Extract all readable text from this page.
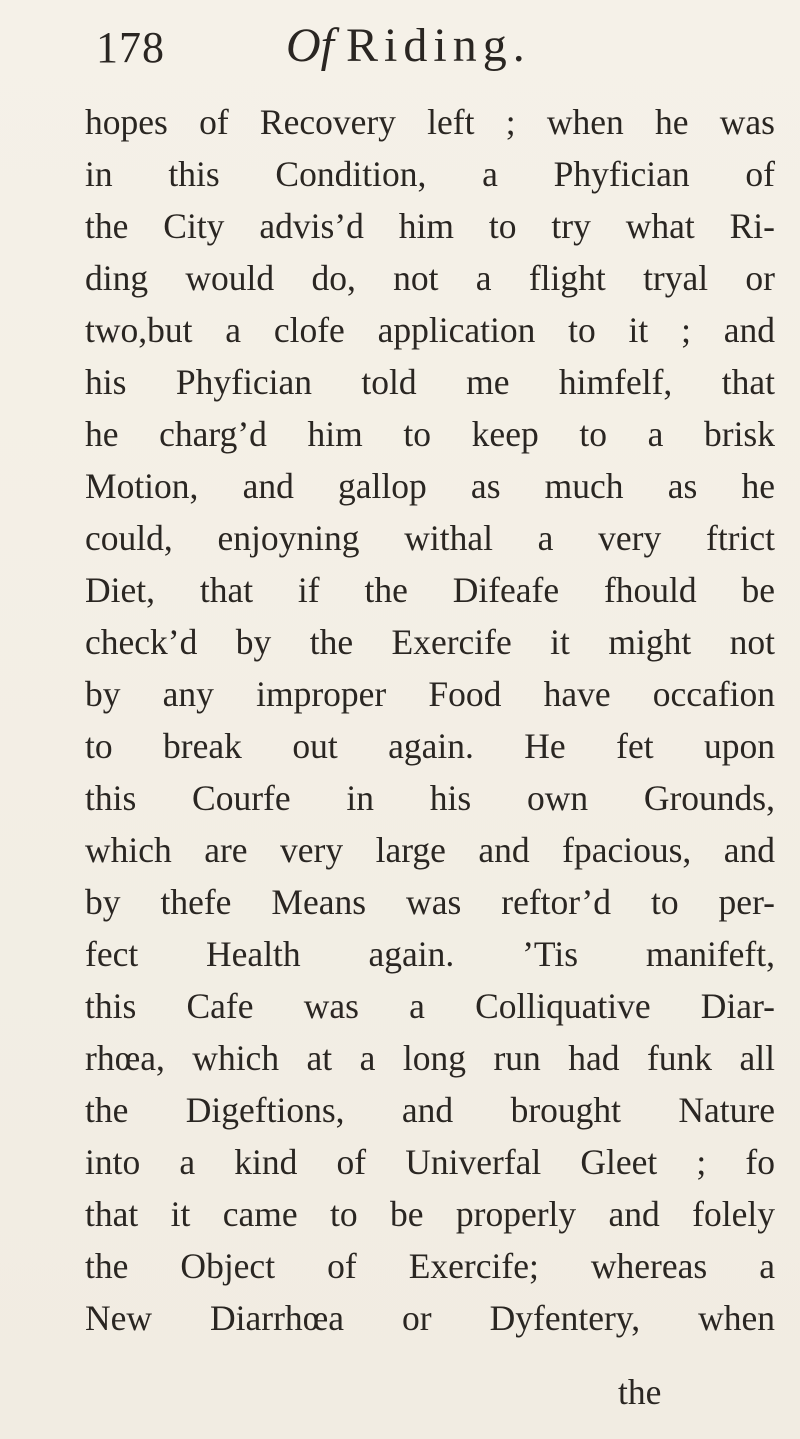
178	Of Riding.
hopes of Recovery left ; when he was
in this Condition, a Phyfician of
the City advis’d him to try what Ri-
ding would do, not a flight tryal or
two,but a clofe application to it ; and
his Phyfician told me himfelf, that
he charg’d him to keep to a brisk
Motion, and gallop as much as he
could, enjoyning withal a very ftrict
Diet, that if the Difeafe fhould be
check’d by the Exercife it might not
by any improper Food have occafion
to break out again. He fet upon
this Courfe in his own Grounds,
which are very large and fpacious, and
by thefe Means was reftor’d to per-
fect Health again. ’Tis manifeft,
this Cafe was a Colliquative Diar-
rhœa, which at a long run had funk all
the Digeftions, and brought Nature
into a kind of Univerfal Gleet ; fo
that it came to be properly and folely
the Object of Exercife; whereas a
New Diarrhœa or Dyfentery, when
the
